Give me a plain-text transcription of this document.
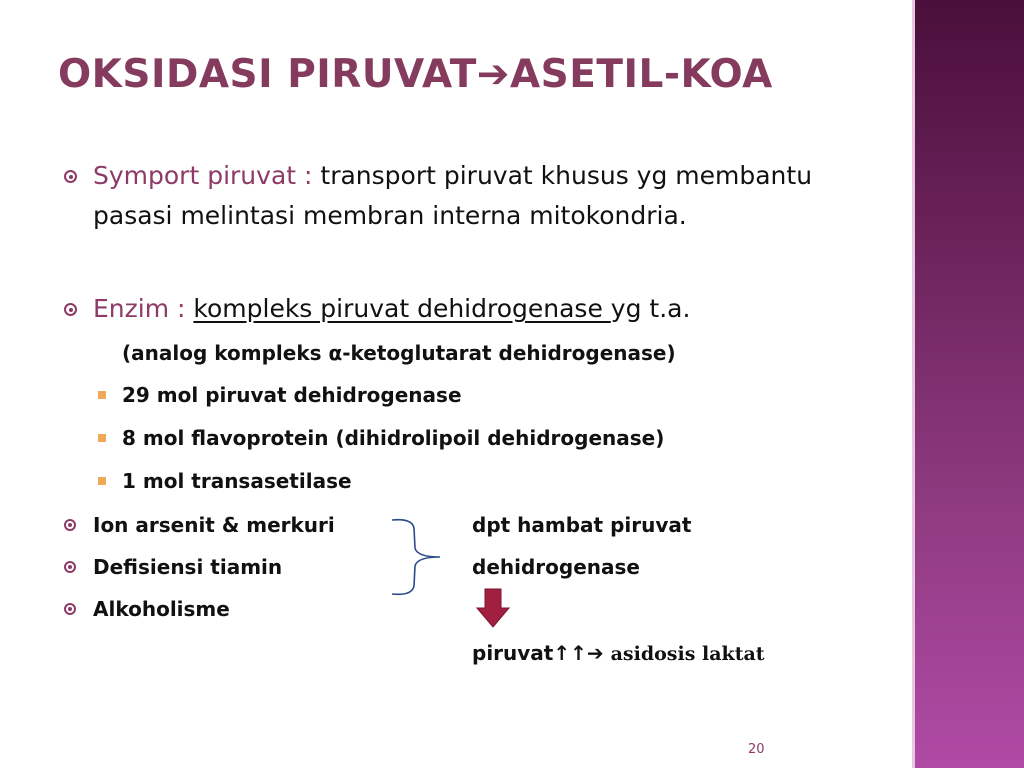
OKSIDASI PIRUVAT➔ASETIL-KOA
Symport piruvat : transport piruvat khusus yg membantu pasasi melintasi membran interna mitokondria.
Enzim : kompleks piruvat dehidrogenase yg t.a.
(analog kompleks α-ketoglutarat dehidrogenase)
29 mol piruvat dehidrogenase
8 mol flavoprotein (dihidrolipoil dehidrogenase)
1 mol transasetilase
Ion arsenit & merkuri
Defisiensi tiamin
Alkoholisme
dpt hambat piruvat
dehidrogenase
piruvat↑↑➔ asidosis laktat
20
